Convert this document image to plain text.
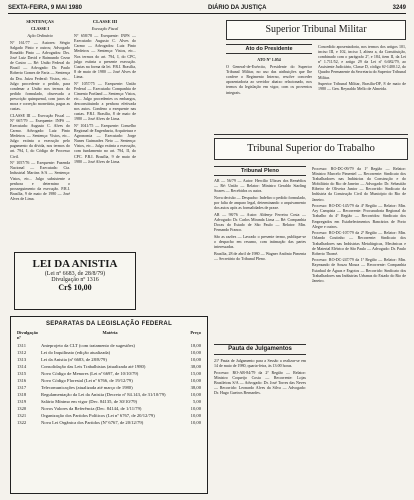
SEXTA-FEIRA, 9 MAI 1980	DIÁRIO DA JUSTIÇA	3249
SENTENÇAS
CLASSE I

Ação Ordinária

N° 161/77 — Autores: Sérgio Salgado Pinto e outros; Advogado Ronaldo Pinto — Advogados: Drs. José Luiz David e Raimundo Cezar de Castro — Ré: União Federal do Brasil — Advogado: Dr. Paulo Roberto Gomes de Faria — Sentença da Dra. Juíza Federal: Vistos, etc... Julgo procedente o pedido, para condenar a União nos termos do pedido formulado, observada a prescrição quinquenal, com juros de mora e correção monetária, pagas as custas.

CLASSE III — Execução Fiscal — N° 667/79 — Exequente: INPS — Executada: Augusto C. Alves do Carmo. Advogado: Luiz Pinto Medeiros — Sentença: Vistos, etc... Julgo extinta a execução pelo pagamento da dívida, nos termos do art. 794, I, do Código de Processo Civil.

N° 1057/76 — Exequente: Fazenda Nacional — Executada: Cia. Industrial Martins S/A — Sentença: Vistos, etc... Julgo subsistente a penhora e determino o prosseguimento da execução. P.R.I. Brasília, 9 de maio de 1980 — José Alves de Lima.

CLASSE III
Execução Fiscal

N° 658/78 — Exequente: INPS — Executado: Augusto C. Alves do Carmo — Advogados: Luiz Pinto Medeiros — Sentença: Vistos, etc... Nos termos do art. 794, I, do CPC, julgo extinta a presente execução. Custas na forma da lei. P.R.I. Brasília, 8 de maio de 1980 — José Alves de Lima.

N° 1057/75 — Exequente: União Federal — Executada: Companhia de Cimento Portland — Sentença: Vistos, etc... Julgo procedentes os embargos, desconstituindo a penhora efetivada nos autos. Condeno a exequente nas custas. P.R.I. Brasília, 8 de maio de 1980 — José Alves de Lima.

N° 1041/75 — Exequente: Conselho Regional de Engenharia, Arquitetura e Agronomia — Executado: Jorge Nunes Guimarães Neto — Sentença: Vistos, etc... Julgo extinta a execução, com fundamento no art. 794, II, do CPC. P.R.I. Brasília, 9 de maio de 1980 — José Alves de Lima.

LEI DA ANISTIA
(Lei nº 6683, de 28/8/79)
Divulgação nº 1316
Cr$ 10,00
SEPARATAS DA LEGISLAÇÃO FEDERAL
Divulgação nº
Matéria	Preço
1311	Anteprojeto da CLT (com tratamento de sugestões)	18,00
1312	Lei do Inquilinato (edição atualizada)	10,00
1313	Lei da Anistia (nº 6683, de 28/8/79)	10,00
1314	Consolidação das Leis Trabalhistas (atualizada até 1980)	38,00
1315	Novo Código de Menores (Lei nº 6697, de 10/10/79)	15,00
1316	Novo Código Florestal (Lei nº 6766, de 19/12/79)	10,00
1317	Telecomunicações (atualizada até março de 1980)	38,00
1318	Regulamentação da Lei da Anistia (Decreto nº 84.143, de 31/10/79)	10,00
1319	Salário Mínimo em vigor (Dec. 84135, de 30/10/79)	5,00
1320	Novos Valores da Referência (Dec. 84144, de 1/11/79)	10,00
1321	Organização dos Partidos Políticos (Lei nº 6767, de 20/12/79)	10,00
1322	Nova Lei Orgânica dos Partidos (Nº 6767, de 20/12/79)	10,00
Superior Tribunal Militar
Ato do Presidente
ATO Nº 1.054

O General-de-Exército, Presidente do Superior Tribunal Militar, no uso das atribuições que lhe confere o Regimento Interno, resolve conceder aposentadoria ao servidor abaixo relacionado, nos termos da legislação em vigor, com os proventos integrais.

Concedido aposentadoria, nos termos dos artigos 101, inciso III, e 102, inciso I, alínea a, da Constituição, combinado com o parágrafo 2º, e 184, item II, da Lei nº 1.711/52, e artigo 29 da Lei nº 6.682/79, ao Assistente Judiciário, Classe D, código SJ-1400.12, do Quadro Permanente da Secretaria do Superior Tribunal Militar.

Superior Tribunal Militar, Brasília-DF, 8 de maio de 1980 — Gen. Reynaldo Mello de Almeida.

Tribunal Superior do Trabalho
Tribunal Pleno

AR — 56/79 — Autor: Hercílio Ulisses dos Remédios — Ré: União — Relator: Ministro Geraldo Starling Soares — Recebidos os autos.

Nova decisão — Despacho: Indefiro o pedido formulado, por falta de amparo legal, determinando o arquivamento dos autos após as formalidades de praxe.

AR — 98/76 — Autor: Aldenyr Ferreira Costa — Advogado: Dr. Carlos Miranda Lima — Ré: Companhia Docas do Estado de São Paulo — Relator: Min. Fernando Franco.

São as razões — Lavrado o presente termo, publique-se o despacho em resumo, com intimação das partes interessadas.

Brasília, 28 de abril de 1980 — Wagner Antônio Pimenta — Secretário do Tribunal Pleno.

Pauta de Julgamentos

21ª Pauta de Julgamento para a Sessão a realizar-se em 14 de maio de 1980, quarta-feira, às 13:00 horas.

Processo: RO-AR-84/79 da 2ª Região — Relator: Ministro Coqueijo Costa — Recorrente: Lojas Brasileiras S/A — Advogado: Dr. José Torres das Neves — Recorrido: Leonardo Alves da Silva — Advogado: Dr. Hugo Gueiros Bernardes.

Processo: RO-DC-09/79 da 1ª Região — Relator: Ministro Marcelo Pimentel — Recorrente: Sindicato dos Trabalhadores nas Indústrias da Construção e do Mobiliário do Rio de Janeiro — Advogado: Dr. Sebastião Ribeiro de Oliveira Junior — Recorrido: Sindicato da Indústria da Construção Civil do Município do Rio de Janeiro.

Processo: RO-DC-145/79 da 4ª Região — Relator: Min. Ary Campista — Recorrente: Procuradoria Regional do Trabalho da 4ª Região — Recorridos: Sindicato dos Empregados em Estabelecimentos Bancários de Porto Alegre e outros.

Processo: RO-DC-107/79 da 2ª Região — Relator: Min. Orlando Coutinho — Recorrente: Sindicato dos Trabalhadores nas Indústrias Metalúrgicas, Mecânicas e de Material Elétrico de São Paulo — Advogado: Dr. Paulo Roberto Thomé.

Processo: RO-DC-247/79 da 1ª Região — Relator: Min. Raymundo de Souza Moura — Recorrente: Companhia Estadual de Águas e Esgotos — Recorrido: Sindicato dos Trabalhadores nas Indústrias Urbanas do Estado do Rio de Janeiro.
